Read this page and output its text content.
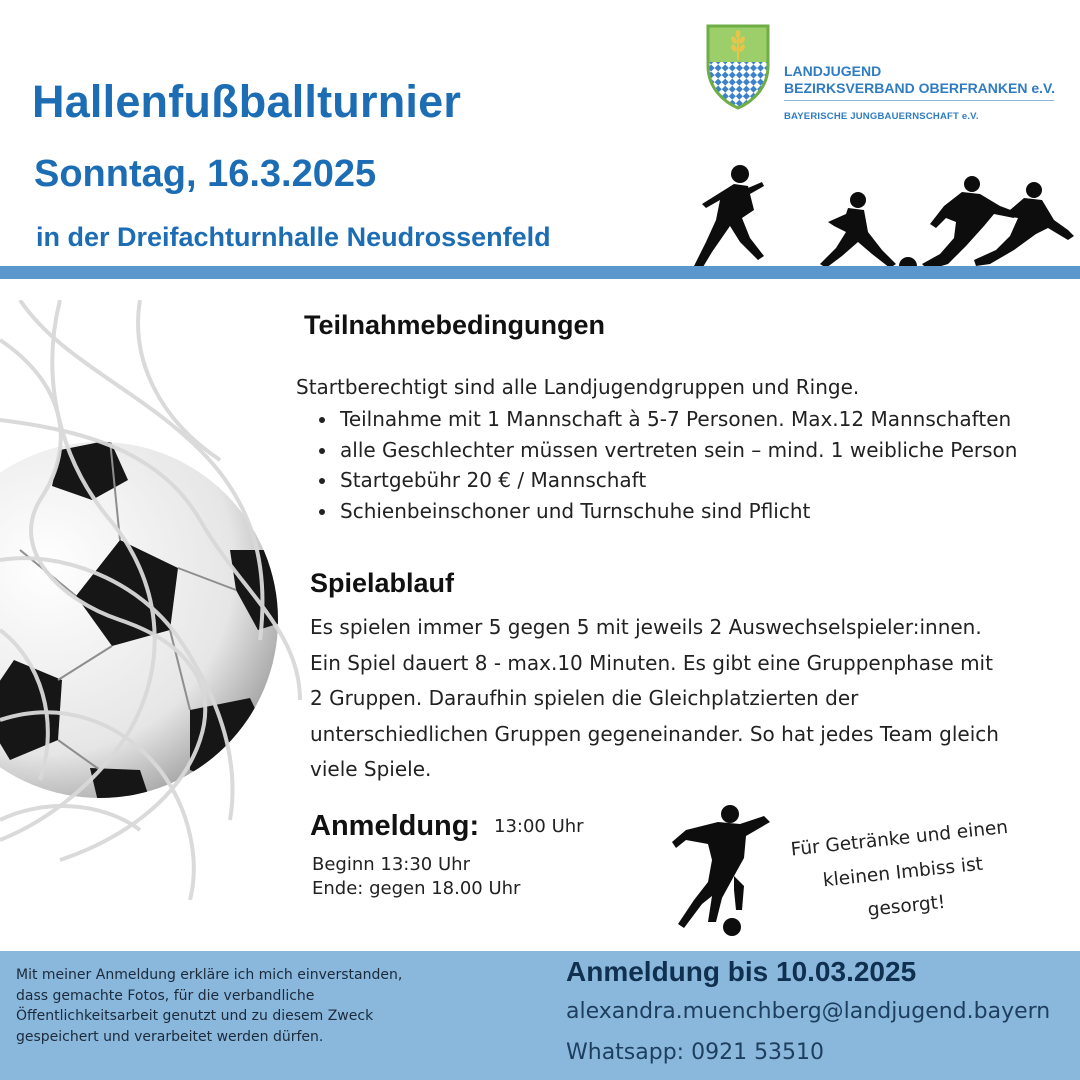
Hallenfußballturnier
Sonntag, 16.3.2025
in der Dreifachturnhalle Neudrossenfeld
LANDJUGEND
BEZIRKSVERBAND OBERFRANKEN e.V.
BAYERISCHE JUNGBAUERNSCHAFT e.V.
Teilnahmebedingungen
Startberechtigt sind alle Landjugendgruppen und Ringe.
Teilnahme mit 1 Mannschaft à 5-7 Personen. Max.12 Mannschaften
alle Geschlechter müssen vertreten sein – mind. 1 weibliche Person
Startgebühr 20 € / Mannschaft
Schienbeinschoner und Turnschuhe sind Pflicht
Spielablauf
Es spielen immer 5 gegen 5 mit jeweils 2 Auswechselspieler:innen.
Ein Spiel dauert 8 - max.10 Minuten. Es gibt eine Gruppenphase mit
2 Gruppen. Daraufhin spielen die Gleichplatzierten der
unterschiedlichen Gruppen gegeneinander. So hat jedes Team gleich
viele Spiele.
Anmeldung: 13:00 Uhr
Beginn 13:30 Uhr
Ende: gegen 18.00 Uhr
Für Getränke und einen
kleinen Imbiss ist
gesorgt!
Mit meiner Anmeldung erkläre ich mich einverstanden,
dass gemachte Fotos, für die verbandliche
Öffentlichkeitsarbeit genutzt und zu diesem Zweck
gespeichert und verarbeitet werden dürfen.
Anmeldung bis 10.03.2025
alexandra.muenchberg@landjugend.bayern
Whatsapp: 0921 53510
